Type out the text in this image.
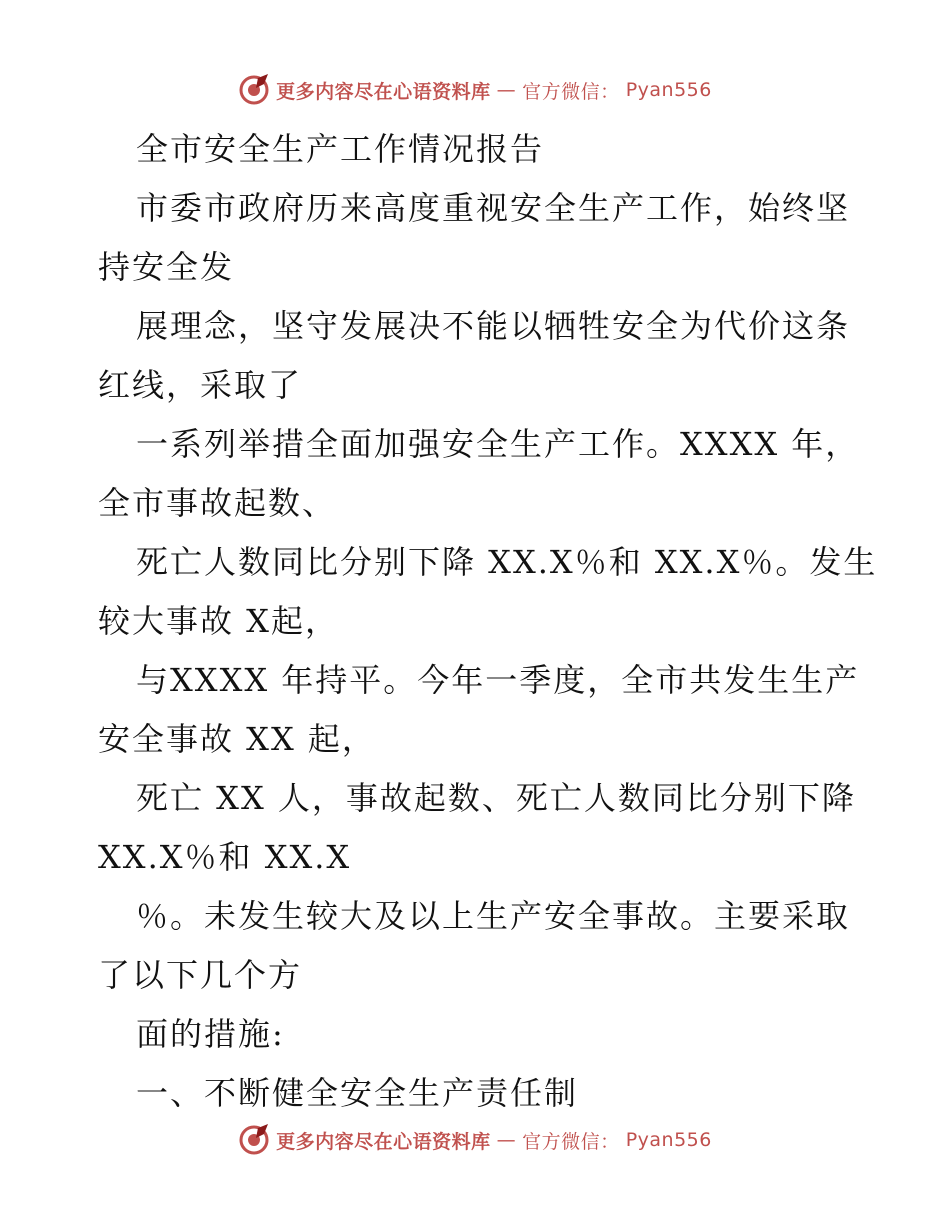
更多内容尽在心语资料库 — 官方微信： Pyan556
全市安全生产工作情况报告
市委市政府历来高度重视安全生产工作，始终坚
持安全发
展理念，坚守发展决不能以牺牲安全为代价这条
红线，采取了
一系列举措全面加强安全生产工作。XXXX 年，
全市事故起数、
死亡人数同比分别下降 XX.X％和 XX.X％。发生
较大事故 X起，
与XXXX 年持平。今年一季度，全市共发生生产
安全事故 XX 起，
死亡 XX 人，事故起数、死亡人数同比分别下降
XX.X％和 XX.X
％。未发生较大及以上生产安全事故。主要采取
了以下几个方
面的措施:
一、不断健全安全生产责任制
更多内容尽在心语资料库 — 官方微信： Pyan556
